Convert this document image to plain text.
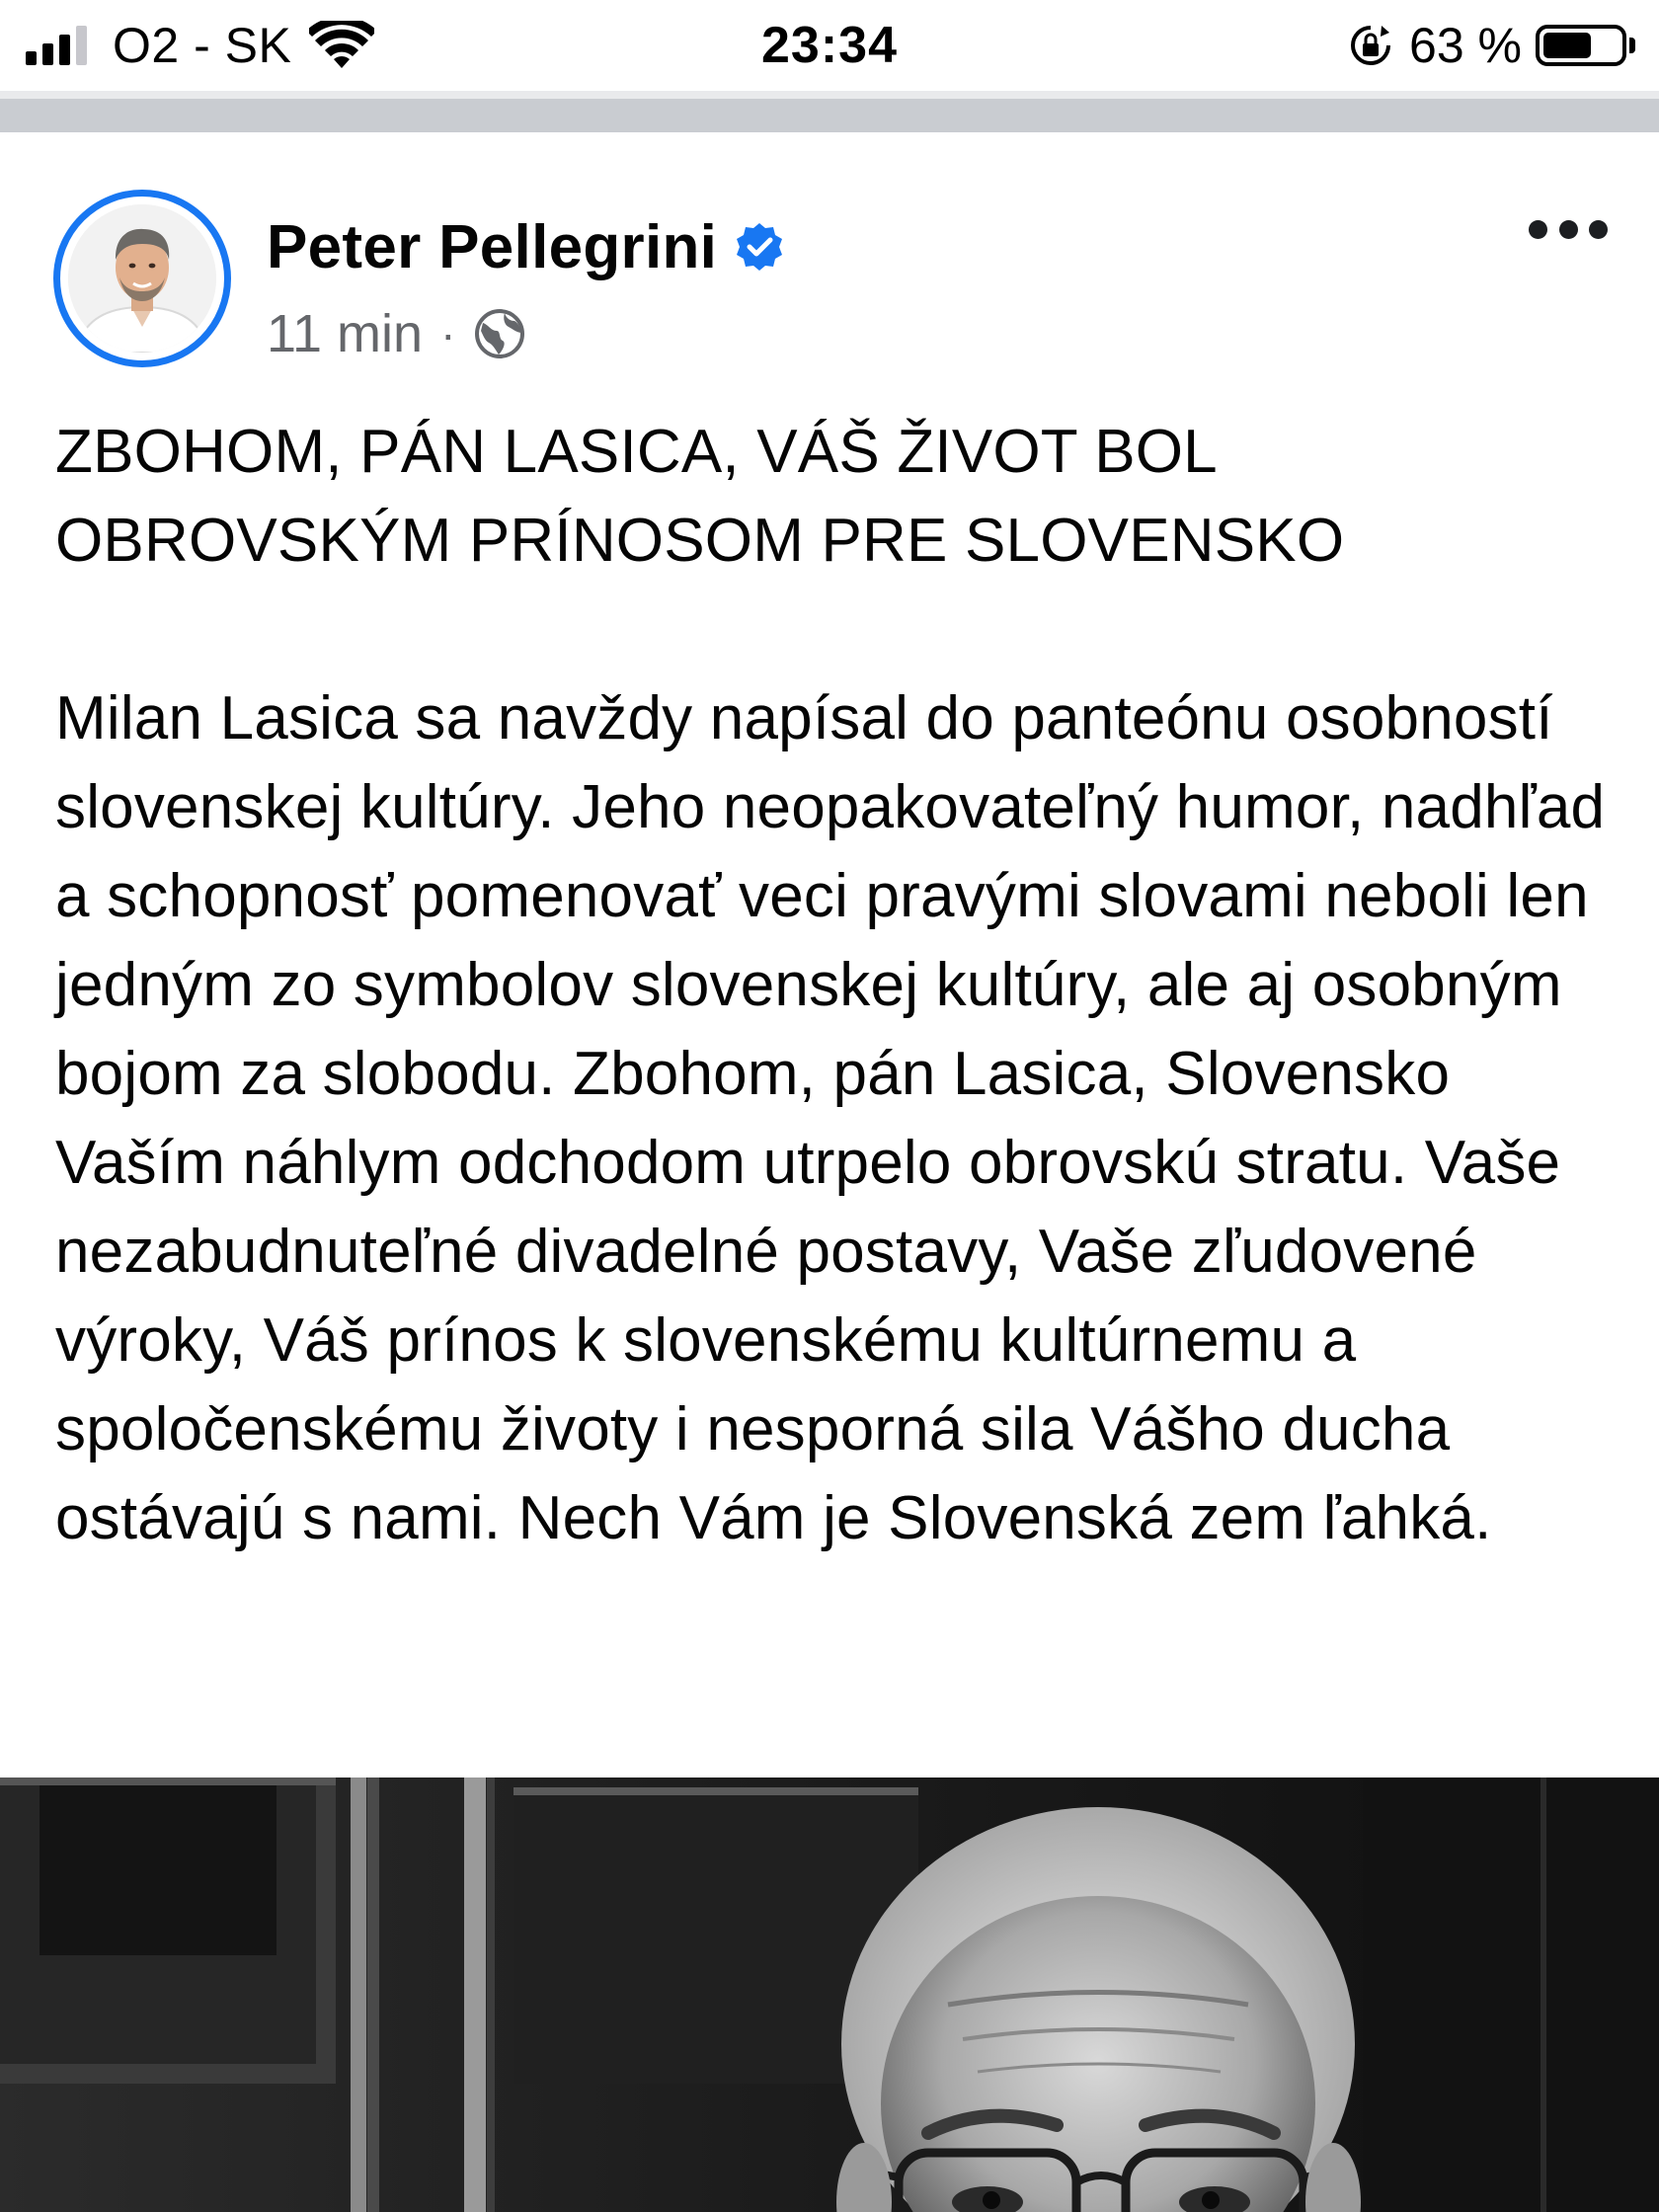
O2 - SK	23:34	63 %
Peter Pellegrini
11 min ·

ZBOHOM, PÁN LASICA, VÁŠ ŽIVOT BOL OBROVSKÝM PRÍNOSOM PRE SLOVENSKO

Milan Lasica sa navždy napísal do panteónu osobností slovenskej kultúry. Jeho neopakovateľný humor, nadhľad a schopnosť pomenovať veci pravými slovami neboli len jedným zo symbolov slovenskej kultúry, ale aj osobným bojom za slobodu. Zbohom, pán Lasica, Slovensko Vaším náhlym odchodom utrpelo obrovskú stratu. Vaše nezabudnuteľné divadelné postavy, Vaše zľudovené výroky, Váš prínos k slovenskému kultúrnemu a spoločenskému životy i nesporná sila Vášho ducha ostávajú s nami. Nech Vám je Slovenská zem ľahká.
